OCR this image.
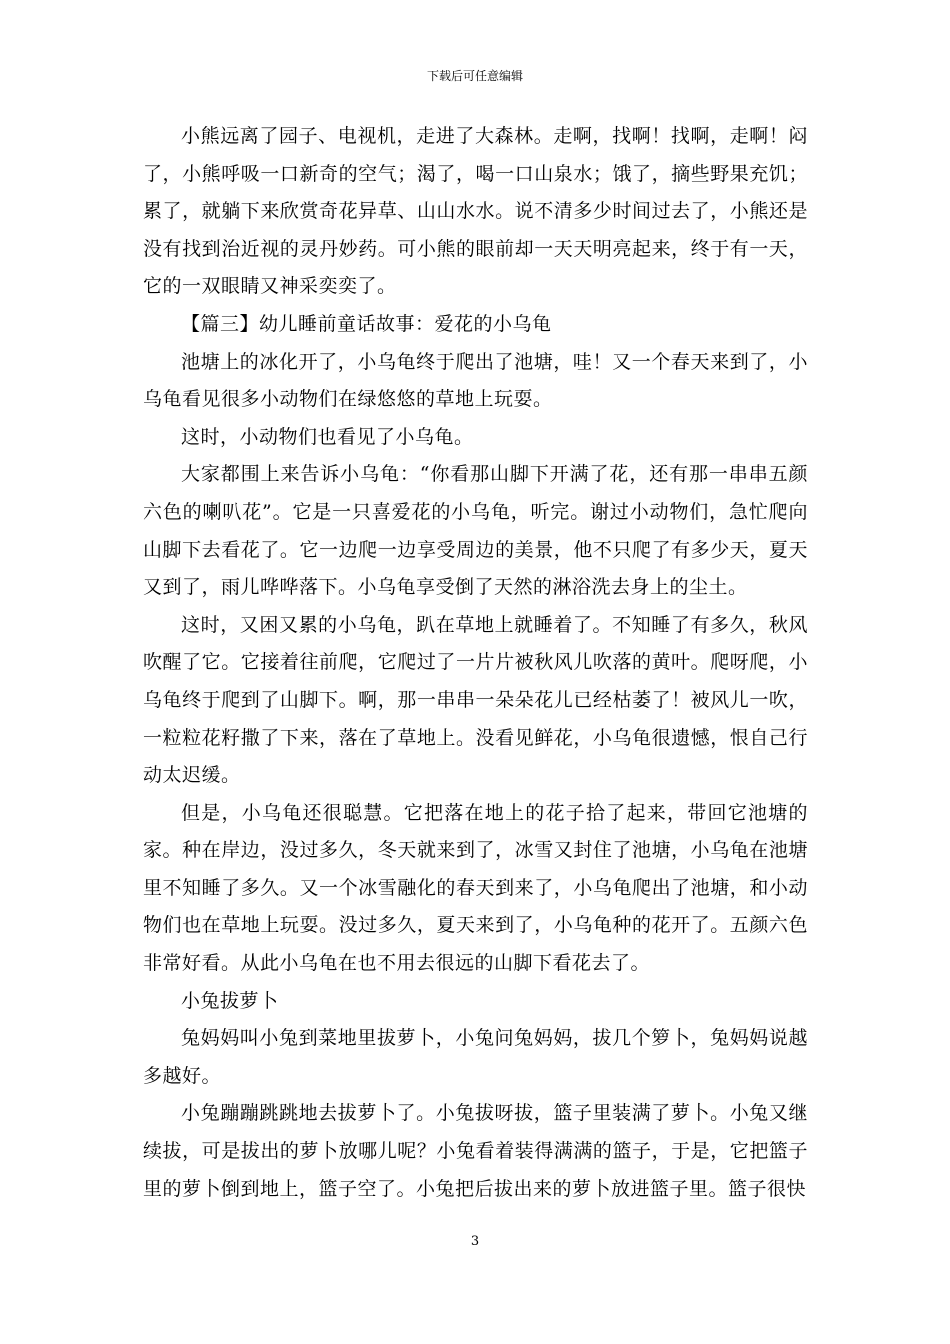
下载后可任意编辑

小熊远离了园子、电视机，走进了大森林。走啊，找啊！找啊，走啊！闷了，小熊呼吸一口新奇的空气；渴了，喝一口山泉水；饿了，摘些野果充饥；累了，就躺下来欣赏奇花异草、山山水水。说不清多少时间过去了，小熊还是没有找到治近视的灵丹妙药。可小熊的眼前却一天天明亮起来，终于有一天，它的一双眼睛又神采奕奕了。

【篇三】幼儿睡前童话故事：爱花的小乌龟

池塘上的冰化开了，小乌龟终于爬出了池塘，哇！又一个春天来到了，小乌龟看见很多小动物们在绿悠悠的草地上玩耍。

这时，小动物们也看见了小乌龟。

大家都围上来告诉小乌龟：“你看那山脚下开满了花，还有那一串串五颜六色的喇叭花”。它是一只喜爱花的小乌龟，听完。谢过小动物们，急忙爬向山脚下去看花了。它一边爬一边享受周边的美景，他不只爬了有多少天，夏天又到了，雨儿哗哗落下。小乌龟享受倒了天然的淋浴洗去身上的尘土。

这时，又困又累的小乌龟，趴在草地上就睡着了。不知睡了有多久，秋风吹醒了它。它接着往前爬，它爬过了一片片被秋风儿吹落的黄叶。爬呀爬，小乌龟终于爬到了山脚下。啊，那一串串一朵朵花儿已经枯萎了！被风儿一吹，一粒粒花籽撒了下来，落在了草地上。没看见鲜花，小乌龟很遗憾，恨自己行动太迟缓。

但是，小乌龟还很聪慧。它把落在地上的花子拾了起来，带回它池塘的家。种在岸边，没过多久，冬天就来到了，冰雪又封住了池塘，小乌龟在池塘里不知睡了多久。又一个冰雪融化的春天到来了，小乌龟爬出了池塘，和小动物们也在草地上玩耍。没过多久，夏天来到了，小乌龟种的花开了。五颜六色非常好看。从此小乌龟在也不用去很远的山脚下看花去了。

小兔拔萝卜

兔妈妈叫小兔到菜地里拔萝卜，小兔问兔妈妈，拔几个箩卜，兔妈妈说越多越好。

小兔蹦蹦跳跳地去拔萝卜了。小兔拔呀拔，篮子里装满了萝卜。小兔又继续拔，可是拔出的萝卜放哪儿呢？小兔看着装得满满的篮子，于是，它把篮子里的萝卜倒到地上，篮子空了。小兔把后拔出来的萝卜放进篮子里。篮子很快

3
